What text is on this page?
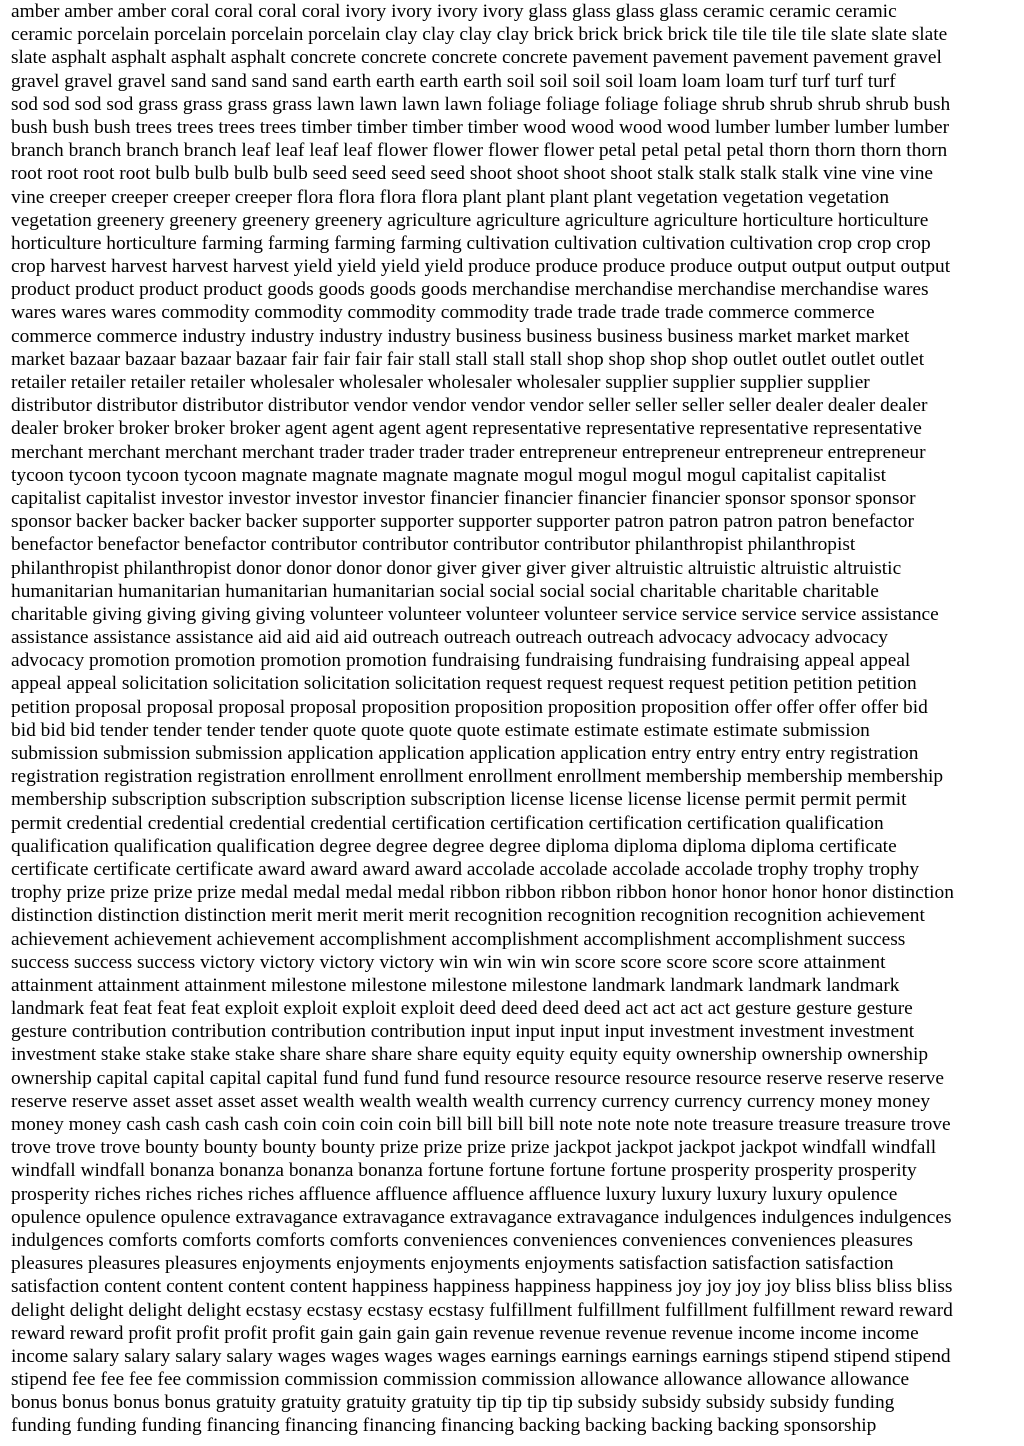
amber amber amber coral coral coral coral ivory ivory ivory ivory glass glass glass glass ceramic ceramic ceramic
ceramic porcelain porcelain porcelain porcelain clay clay clay clay brick brick brick brick tile tile tile tile slate slate slate
slate asphalt asphalt asphalt asphalt concrete concrete concrete concrete pavement pavement pavement pavement gravel
gravel gravel gravel sand sand sand sand earth earth earth earth soil soil soil soil loam loam loam turf turf turf turf
sod sod sod sod grass grass grass grass lawn lawn lawn lawn foliage foliage foliage foliage shrub shrub shrub shrub bush
bush bush bush trees trees trees trees timber timber timber timber wood wood wood wood lumber lumber lumber lumber
branch branch branch branch leaf leaf leaf leaf flower flower flower flower petal petal petal petal thorn thorn thorn thorn
root root root root bulb bulb bulb bulb seed seed seed seed shoot shoot shoot shoot stalk stalk stalk stalk vine vine vine
vine creeper creeper creeper creeper flora flora flora flora plant plant plant plant vegetation vegetation vegetation
vegetation greenery greenery greenery greenery agriculture agriculture agriculture agriculture horticulture horticulture
horticulture horticulture farming farming farming farming cultivation cultivation cultivation cultivation crop crop crop
crop harvest harvest harvest harvest yield yield yield yield produce produce produce produce output output output output
product product product product goods goods goods goods merchandise merchandise merchandise merchandise wares
wares wares wares commodity commodity commodity commodity trade trade trade trade commerce commerce
commerce commerce industry industry industry industry business business business business market market market
market bazaar bazaar bazaar bazaar fair fair fair fair stall stall stall stall shop shop shop shop outlet outlet outlet outlet
retailer retailer retailer retailer wholesaler wholesaler wholesaler wholesaler supplier supplier supplier supplier
distributor distributor distributor distributor vendor vendor vendor vendor seller seller seller seller dealer dealer dealer
dealer broker broker broker broker agent agent agent agent representative representative representative representative
merchant merchant merchant merchant trader trader trader trader entrepreneur entrepreneur entrepreneur entrepreneur
tycoon tycoon tycoon tycoon magnate magnate magnate magnate mogul mogul mogul mogul capitalist capitalist
capitalist capitalist investor investor investor investor financier financier financier financier sponsor sponsor sponsor
sponsor backer backer backer backer supporter supporter supporter supporter patron patron patron patron benefactor
benefactor benefactor benefactor contributor contributor contributor contributor philanthropist philanthropist
philanthropist philanthropist donor donor donor donor giver giver giver giver altruistic altruistic altruistic altruistic
humanitarian humanitarian humanitarian humanitarian social social social social charitable charitable charitable
charitable giving giving giving giving volunteer volunteer volunteer volunteer service service service service assistance
assistance assistance assistance aid aid aid aid outreach outreach outreach outreach advocacy advocacy advocacy
advocacy promotion promotion promotion promotion fundraising fundraising fundraising fundraising appeal appeal
appeal appeal solicitation solicitation solicitation solicitation request request request request petition petition petition
petition proposal proposal proposal proposal proposition proposition proposition proposition offer offer offer offer bid
bid bid bid tender tender tender tender quote quote quote quote estimate estimate estimate estimate submission
submission submission submission application application application application entry entry entry entry registration
registration registration registration enrollment enrollment enrollment enrollment membership membership membership
membership subscription subscription subscription subscription license license license license permit permit permit
permit credential credential credential credential certification certification certification certification qualification
qualification qualification qualification degree degree degree degree diploma diploma diploma diploma certificate
certificate certificate certificate award award award award accolade accolade accolade accolade trophy trophy trophy
trophy prize prize prize prize medal medal medal medal ribbon ribbon ribbon ribbon honor honor honor honor distinction
distinction distinction distinction merit merit merit merit recognition recognition recognition recognition achievement
achievement achievement achievement accomplishment accomplishment accomplishment accomplishment success
success success success victory victory victory victory win win win win score score score score score attainment
attainment attainment attainment milestone milestone milestone milestone landmark landmark landmark landmark
landmark feat feat feat feat exploit exploit exploit exploit deed deed deed deed act act act act gesture gesture gesture
gesture contribution contribution contribution contribution input input input input investment investment investment
investment stake stake stake stake share share share share equity equity equity equity ownership ownership ownership
ownership capital capital capital capital fund fund fund fund resource resource resource resource reserve reserve reserve
reserve reserve asset asset asset asset wealth wealth wealth wealth currency currency currency currency money money
money money cash cash cash cash coin coin coin coin bill bill bill bill note note note note treasure treasure treasure trove
trove trove trove bounty bounty bounty bounty prize prize prize prize jackpot jackpot jackpot jackpot windfall windfall
windfall windfall bonanza bonanza bonanza bonanza fortune fortune fortune fortune prosperity prosperity prosperity
prosperity riches riches riches riches affluence affluence affluence affluence luxury luxury luxury luxury opulence
opulence opulence opulence extravagance extravagance extravagance extravagance indulgences indulgences indulgences
indulgences comforts comforts comforts comforts conveniences conveniences conveniences conveniences pleasures
pleasures pleasures pleasures enjoyments enjoyments enjoyments enjoyments satisfaction satisfaction satisfaction
satisfaction content content content content happiness happiness happiness happiness joy joy joy joy bliss bliss bliss bliss
delight delight delight delight ecstasy ecstasy ecstasy ecstasy fulfillment fulfillment fulfillment fulfillment reward reward
reward reward profit profit profit profit gain gain gain gain revenue revenue revenue revenue income income income
income salary salary salary salary wages wages wages wages earnings earnings earnings earnings stipend stipend stipend
stipend fee fee fee fee commission commission commission commission allowance allowance allowance allowance
bonus bonus bonus bonus gratuity gratuity gratuity gratuity tip tip tip tip subsidy subsidy subsidy subsidy funding
funding funding funding financing financing financing financing backing backing backing backing sponsorship
